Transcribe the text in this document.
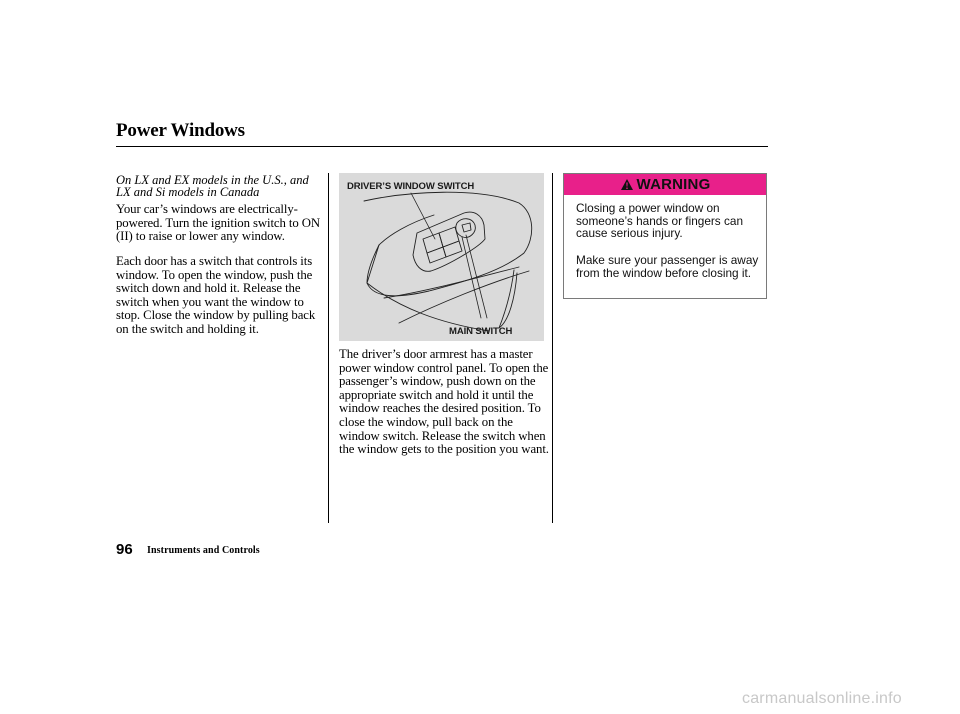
Power Windows
On LX and EX models in the U.S., and LX and Si models in Canada
Your car’s windows are electrically-powered. Turn the ignition switch to ON (II) to raise or lower any window.
Each door has a switch that controls its window. To open the window, push the switch down and hold it. Release the switch when you want the window to stop. Close the window by pulling back on the switch and holding it.
The driver’s door armrest has a master power window control panel. To open the passenger’s window, push down on the appropriate switch and hold it until the window reaches the desired position. To close the window, pull back on the window switch. Release the switch when the window gets to the position you want.
DRIVER’S WINDOW SWITCH
MAIN SWITCH
WARNING
Closing a power window on someone’s hands or fingers can cause serious injury.
Make sure your passenger is away from the window before closing it.
96 Instruments and Controls
carmanualsonline.info
